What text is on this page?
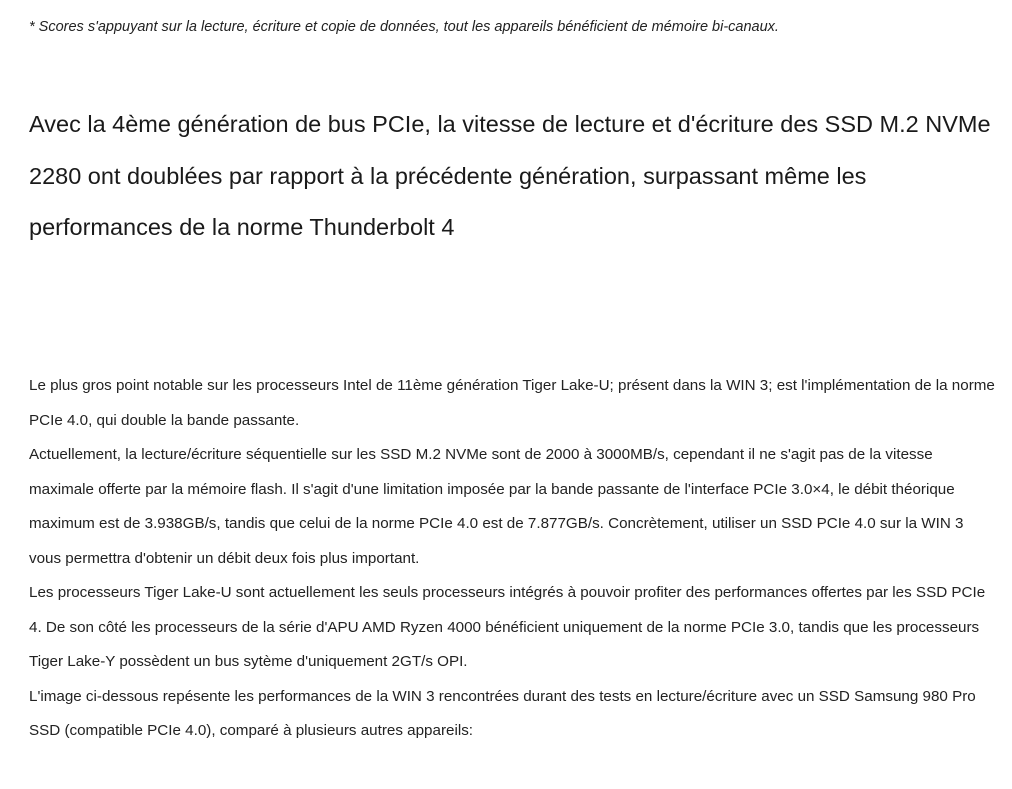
* Scores s'appuyant sur la lecture, écriture et copie de données, tout les appareils bénéficient de mémoire bi-canaux.
Avec la 4ème génération de bus PCIe, la vitesse de lecture et d'écriture des SSD M.2 NVMe 2280 ont doublées par rapport à la précédente génération, surpassant même les performances de la norme Thunderbolt 4

Le plus gros point notable sur les processeurs Intel de 11ème génération Tiger Lake-U; présent dans la WIN 3; est l'implémentation de la norme PCIe 4.0, qui double la bande passante.

Actuellement, la lecture/écriture séquentielle sur les SSD M.2 NVMe sont de 2000 à 3000MB/s, cependant il ne s'agit pas de la vitesse maximale offerte par la mémoire flash. Il s'agit d'une limitation imposée par la bande passante de l'interface PCIe 3.0×4, le débit théorique maximum est de 3.938GB/s, tandis que celui de la norme PCIe 4.0 est de 7.877GB/s. Concrètement, utiliser un SSD PCIe 4.0 sur la WIN 3 vous permettra d'obtenir un débit deux fois plus important.

Les processeurs Tiger Lake-U sont actuellement les seuls processeurs intégrés à pouvoir profiter des performances offertes par les SSD PCIe 4. De son côté les processeurs de la série d'APU AMD Ryzen 4000 bénéficient uniquement de la norme PCIe 3.0, tandis que les processeurs Tiger Lake-Y possèdent un bus sytème d'uniquement 2GT/s OPI.

L'image ci-dessous repésente les performances de la WIN 3 rencontrées durant des tests en lecture/écriture avec un SSD Samsung 980 Pro SSD (compatible PCIe 4.0), comparé à plusieurs autres appareils:
